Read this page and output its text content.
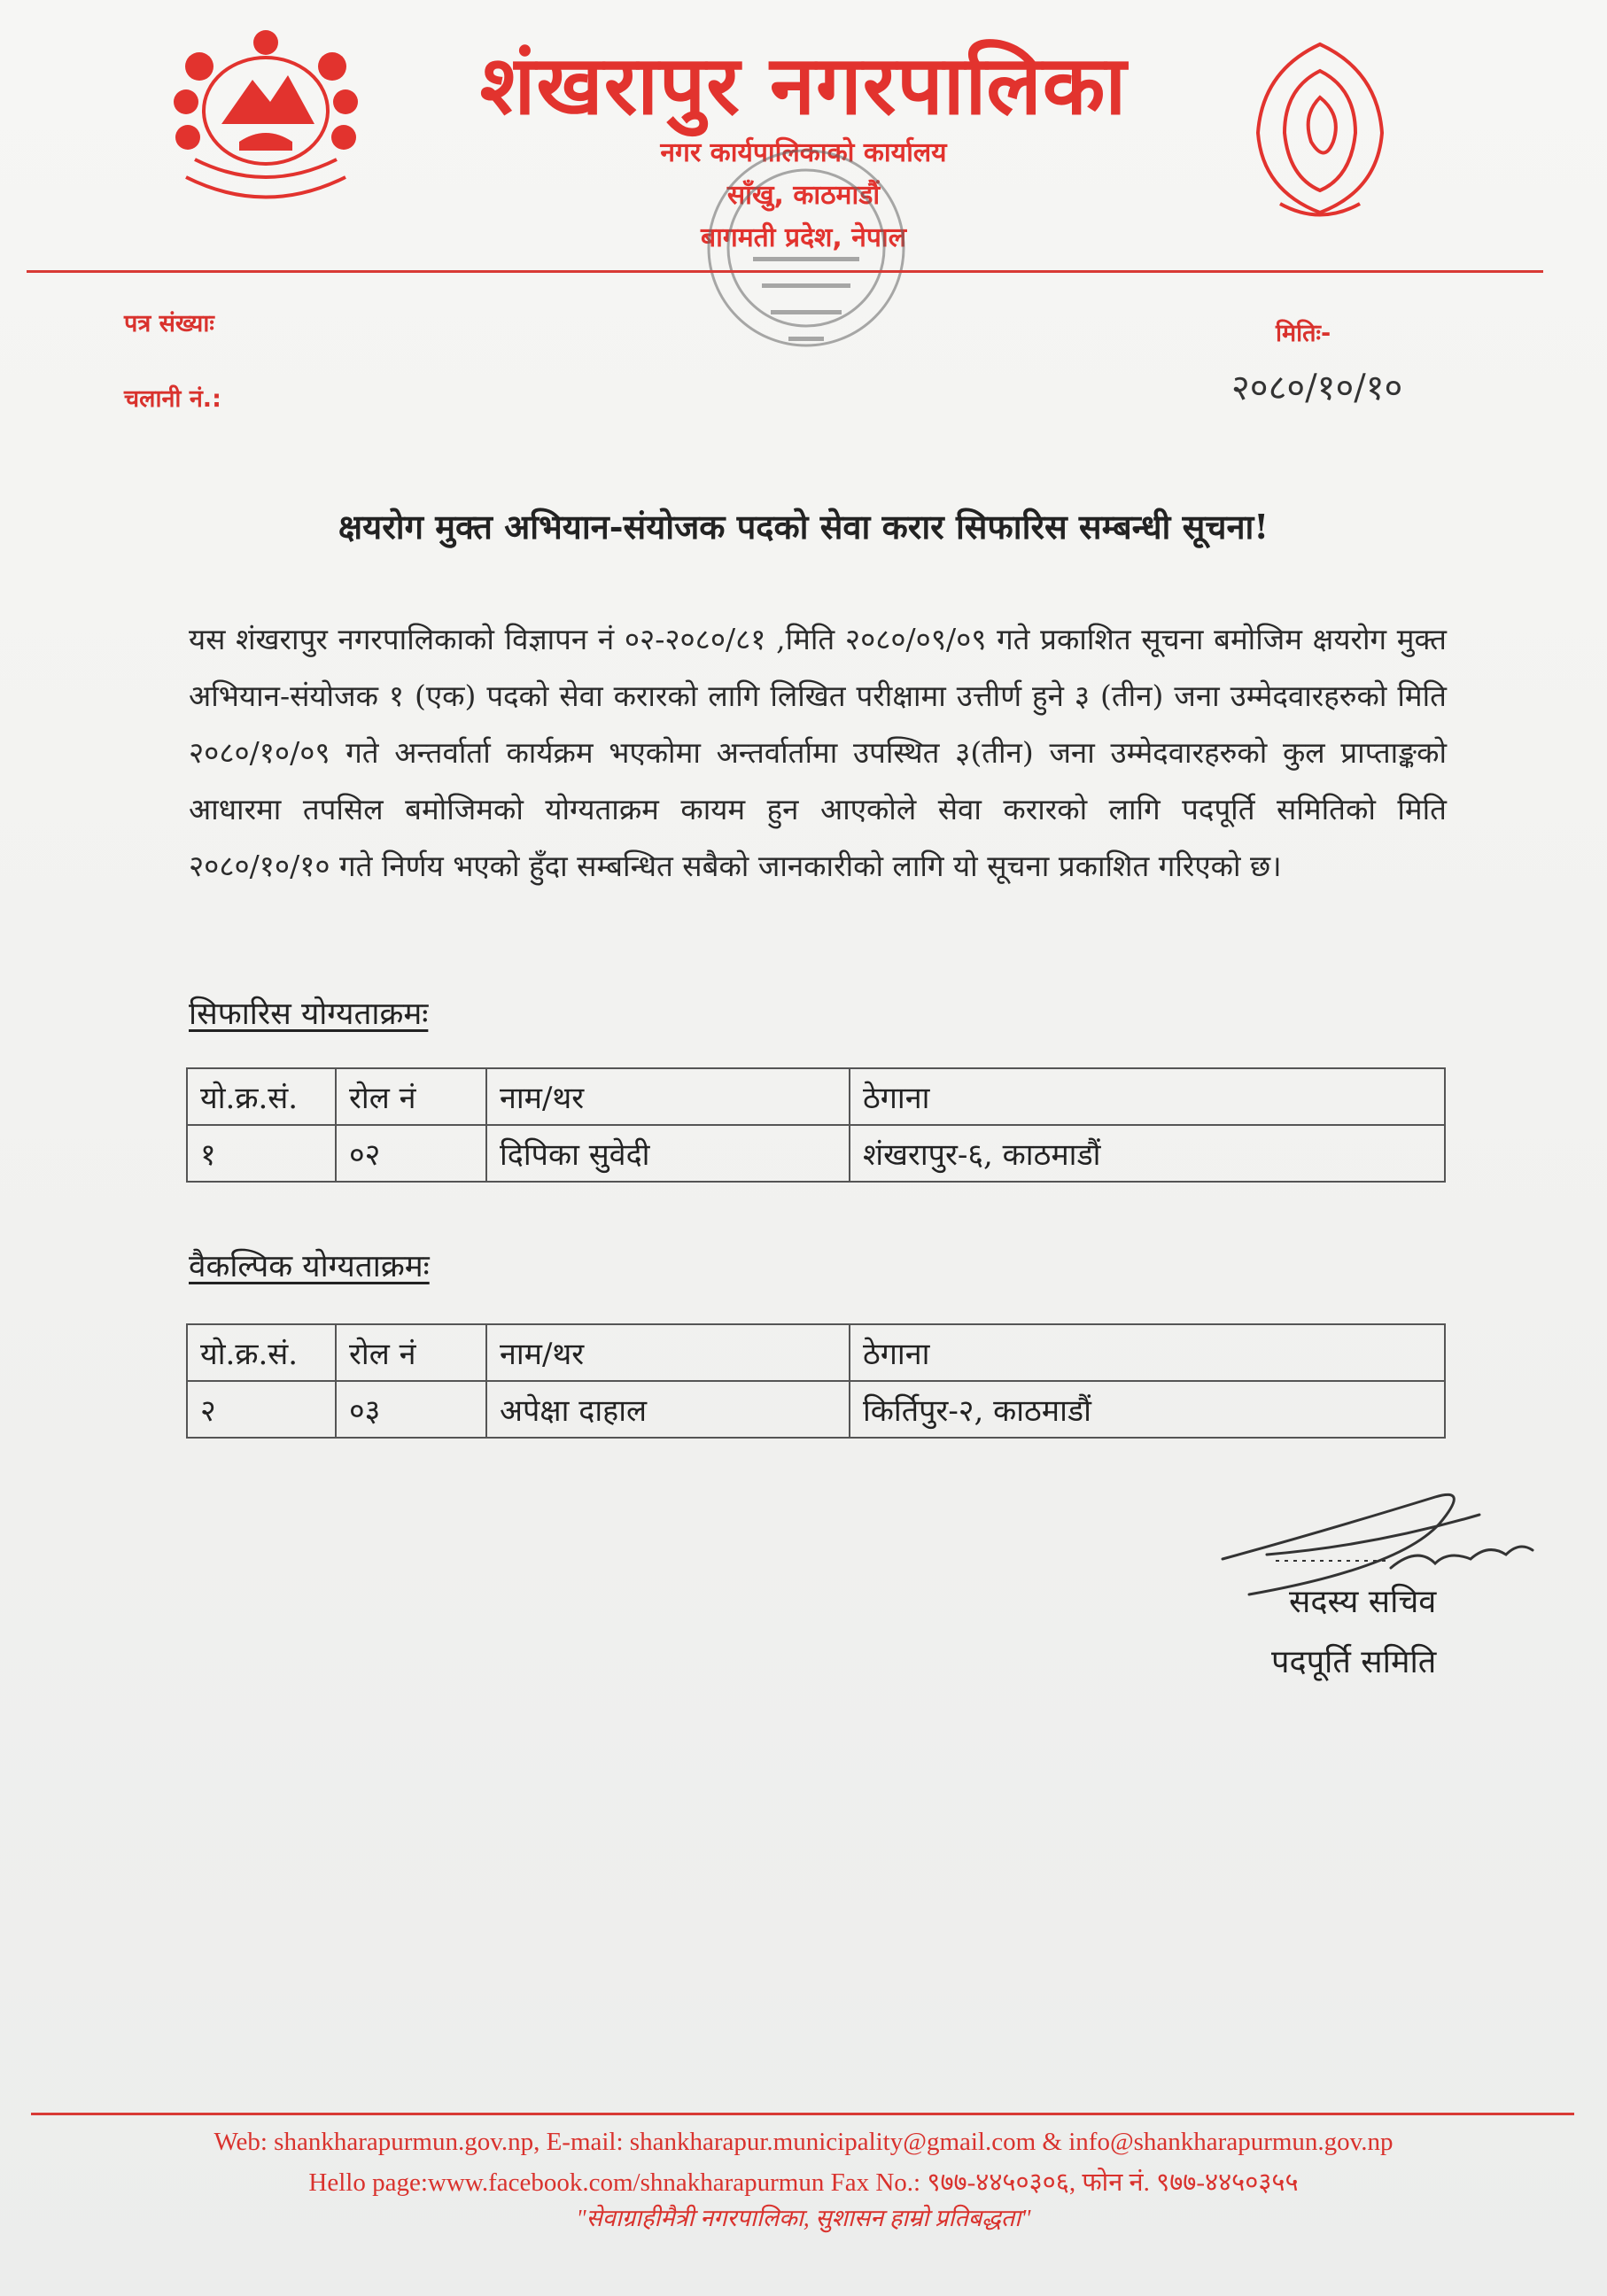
शंखरापुर नगरपालिका
नगर कार्यपालिकाको कार्यालय
साँखु, काठमाडौं
बागमती प्रदेश, नेपाल
पत्र संख्याः
चलानी नं.:
मितिः-
२०८०/१०/१०
क्षयरोग मुक्त अभियान-संयोजक पदको सेवा करार सिफारिस सम्बन्धी सूचना!
यस शंखरापुर नगरपालिकाको विज्ञापन नं ०२-२०८०/८१ ,मिति २०८०/०९/०९ गते प्रकाशित सूचना बमोजिम क्षयरोग मुक्त अभियान-संयोजक १ (एक) पदको सेवा करारको लागि लिखित परीक्षामा उत्तीर्ण हुने ३ (तीन) जना उम्मेदवारहरुको मिति २०८०/१०/०९ गते अन्तर्वार्ता कार्यक्रम भएकोमा अन्तर्वार्तामा उपस्थित ३(तीन) जना उम्मेदवारहरुको कुल प्राप्ताङ्कको आधारमा तपसिल बमोजिमको योग्यताक्रम कायम हुन आएकोले सेवा करारको लागि पदपूर्ति समितिको मिति २०८०/१०/१० गते निर्णय भएको हुँदा सम्बन्धित सबैको जानकारीको लागि यो सूचना प्रकाशित गरिएको छ।
सिफारिस योग्यताक्रमः
यो.क्र.सं.	रोल नं	नाम/थर	ठेगाना
१	०२	दिपिका सुवेदी	शंखरापुर-६, काठमाडौं
वैकल्पिक योग्यताक्रमः
यो.क्र.सं.	रोल नं	नाम/थर	ठेगाना
२	०३	अपेक्षा दाहाल	किर्तिपुर-२, काठमाडौं
सदस्य सचिव
पदपूर्ति समिति
Web: shankharapurmun.gov.np, E-mail: shankharapur.municipality@gmail.com & info@shankharapurmun.gov.np
Hello page:www.facebook.com/shnakharapurmun Fax No.: ९७७-४४५०३०६, फोन नं. ९७७-४४५०३५५
"सेवाग्राहीमैत्री नगरपालिका, सुशासन हाम्रो प्रतिबद्धता"
